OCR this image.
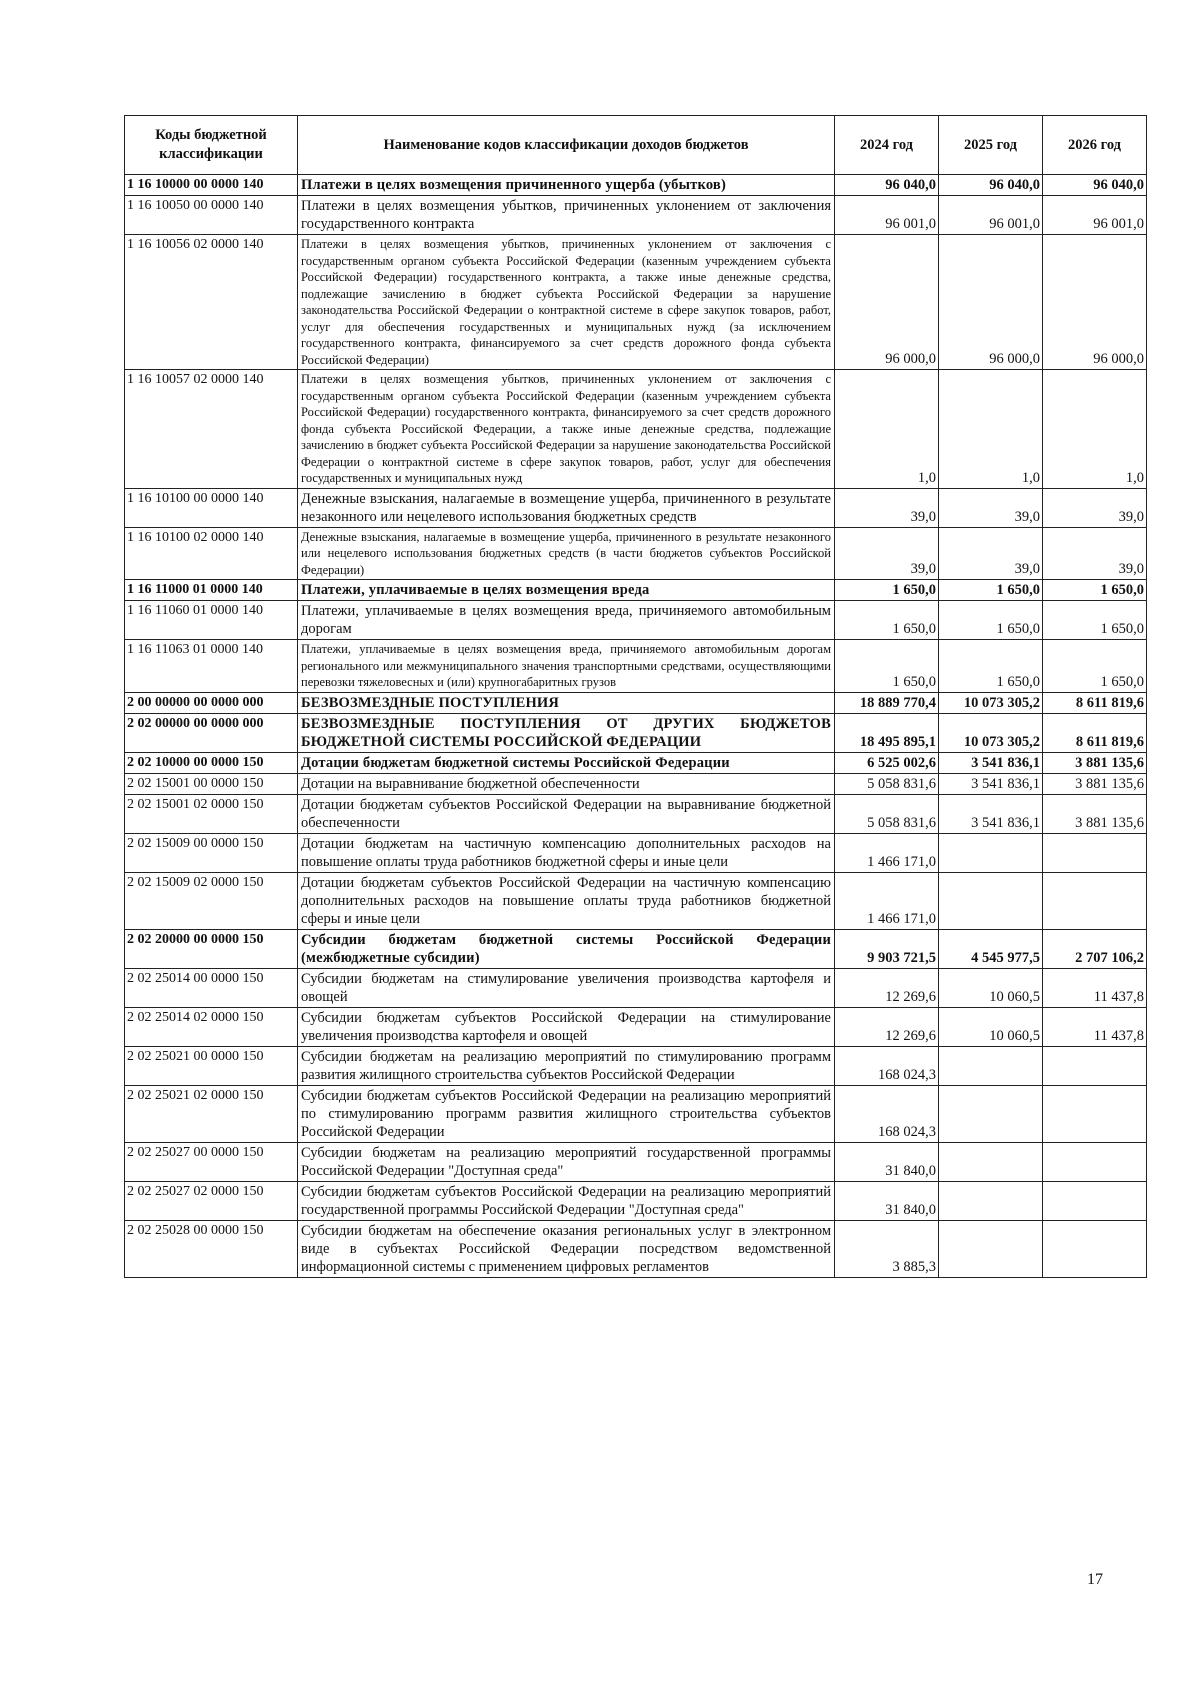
Коды бюджетной классификации	Наименование кодов классификации доходов бюджетов	2024 год	2025 год	2026 год
1 16 10000 00 0000 140	Платежи в целях возмещения причиненного ущерба (убытков)	96 040,0	96 040,0	96 040,0
1 16 10050 00 0000 140	Платежи в целях возмещения убытков, причиненных уклонением от заключения государственного контракта	96 001,0	96 001,0	96 001,0
1 16 10056 02 0000 140	Платежи в целях возмещения убытков, причиненных уклонением от заключения с государственным органом субъекта Российской Федерации (казенным учреждением субъекта Российской Федерации) государственного контракта, а также иные денежные средства, подлежащие зачислению в бюджет субъекта Российской Федерации за нарушение законодательства Российской Федерации о контрактной системе в сфере закупок товаров, работ, услуг для обеспечения государственных и муниципальных нужд (за исключением государственного контракта, финансируемого за счет средств дорожного фонда субъекта Российской Федерации)	96 000,0	96 000,0	96 000,0
1 16 10057 02 0000 140	Платежи в целях возмещения убытков, причиненных уклонением от заключения с государственным органом субъекта Российской Федерации (казенным учреждением субъекта Российской Федерации) государственного контракта, финансируемого за счет средств дорожного фонда субъекта Российской Федерации, а также иные денежные средства, подлежащие зачислению в бюджет субъекта Российской Федерации за нарушение законодательства Российской Федерации о контрактной системе в сфере закупок товаров, работ, услуг для обеспечения государственных и муниципальных нужд	1,0	1,0	1,0
1 16 10100 00 0000 140	Денежные взыскания, налагаемые в возмещение ущерба, причиненного в результате незаконного или нецелевого использования бюджетных средств	39,0	39,0	39,0
1 16 10100 02 0000 140	Денежные взыскания, налагаемые в возмещение ущерба, причиненного в результате незаконного или нецелевого использования бюджетных средств (в части бюджетов субъектов Российской Федерации)	39,0	39,0	39,0
1 16 11000 01 0000 140	Платежи, уплачиваемые в целях возмещения вреда	1 650,0	1 650,0	1 650,0
1 16 11060 01 0000 140	Платежи, уплачиваемые в целях возмещения вреда, причиняемого автомобильным дорогам	1 650,0	1 650,0	1 650,0
1 16 11063 01 0000 140	Платежи, уплачиваемые в целях возмещения вреда, причиняемого автомобильным дорогам регионального или межмуниципального значения транспортными средствами, осуществляющими перевозки тяжеловесных и (или) крупногабаритных грузов	1 650,0	1 650,0	1 650,0
2 00 00000 00 0000 000	БЕЗВОЗМЕЗДНЫЕ ПОСТУПЛЕНИЯ	18 889 770,4	10 073 305,2	8 611 819,6
2 02 00000 00 0000 000	БЕЗВОЗМЕЗДНЫЕ ПОСТУПЛЕНИЯ ОТ ДРУГИХ БЮДЖЕТОВ БЮДЖЕТНОЙ СИСТЕМЫ РОССИЙСКОЙ ФЕДЕРАЦИИ	18 495 895,1	10 073 305,2	8 611 819,6
2 02 10000 00 0000 150	Дотации бюджетам бюджетной системы Российской Федерации	6 525 002,6	3 541 836,1	3 881 135,6
2 02 15001 00 0000 150	Дотации на выравнивание бюджетной обеспеченности	5 058 831,6	3 541 836,1	3 881 135,6
2 02 15001 02 0000 150	Дотации бюджетам субъектов Российской Федерации на выравнивание бюджетной обеспеченности	5 058 831,6	3 541 836,1	3 881 135,6
2 02 15009 00 0000 150	Дотации бюджетам на частичную компенсацию дополнительных расходов на повышение оплаты труда работников бюджетной сферы и иные цели	1 466 171,0		
2 02 15009 02 0000 150	Дотации бюджетам субъектов Российской Федерации на частичную компенсацию дополнительных расходов на повышение оплаты труда работников бюджетной сферы и иные цели	1 466 171,0		
2 02 20000 00 0000 150	Субсидии бюджетам бюджетной системы Российской Федерации (межбюджетные субсидии)	9 903 721,5	4 545 977,5	2 707 106,2
2 02 25014 00 0000 150	Субсидии бюджетам на стимулирование увеличения производства картофеля и овощей	12 269,6	10 060,5	11 437,8
2 02 25014 02 0000 150	Субсидии бюджетам субъектов Российской Федерации на стимулирование увеличения производства картофеля и овощей	12 269,6	10 060,5	11 437,8
2 02 25021 00 0000 150	Субсидии бюджетам на реализацию мероприятий по стимулированию программ развития жилищного строительства субъектов Российской Федерации	168 024,3		
2 02 25021 02 0000 150	Субсидии бюджетам субъектов Российской Федерации на реализацию мероприятий по стимулированию программ развития жилищного строительства субъектов Российской Федерации	168 024,3		
2 02 25027 00 0000 150	Субсидии бюджетам на реализацию мероприятий государственной программы Российской Федерации "Доступная среда"	31 840,0		
2 02 25027 02 0000 150	Субсидии бюджетам субъектов Российской Федерации на реализацию мероприятий государственной программы Российской Федерации "Доступная среда"	31 840,0		
2 02 25028 00 0000 150	Субсидии бюджетам на обеспечение оказания региональных услуг в электронном виде в субъектах Российской Федерации посредством ведомственной информационной системы с применением цифровых регламентов	3 885,3		
17
